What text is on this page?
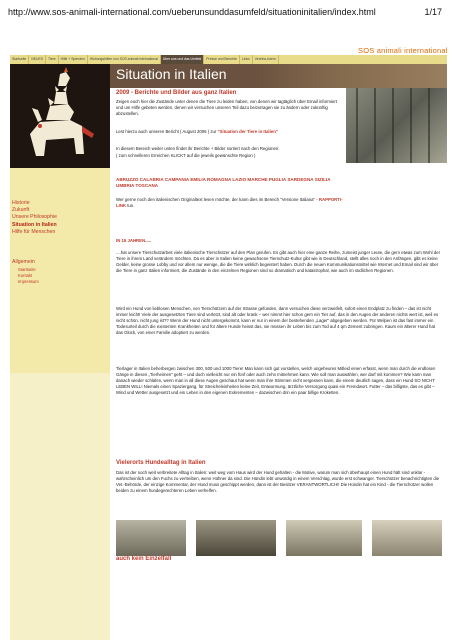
http://www.sos-animali-international.com/ueberunsunddasumfeld/situationinitalien/index.html	1/17
SOS animali international
Startseite NEUES Tiere Hilfe + Spenden Wohungshilfen von SOS animali international Über uns und das Umfeld Presse und Berichte Links Vereins-Intern
Historie
Zukunft
Unsere Philosophie
Situation in Italien
Hilfe für Menschen
Allgemein
Startseite
Kontakt
Impressum
Situation in Italien
2009 - Berichte und Bilder aus ganz Italien
Zeigen euch hier die Zustände unter denen die Tiere zu leiden haben, von denen wir tagtäglich über Email informiert und um Hilfe gebeten werden, denen wir versuchen unseren Teil dazu beizutragen sie zu ändern oder zukünftig abzustellen.
Lest hierzu auch unseren Bericht ( August 2006 ) zur "Situation der Tiere in Italien"
In diesem Bereich weiter unten findet ihr Berichte + Bilder sortiert nach den Regionen:
( zum schnelleren Erreichen KLICKT auf die jeweils gewünschte Region )
ABRUZZO CALABRIA CAMPANIA EMILIA ROMAGNA LAZIO MARCHE PUGLIA SARDEGNA SIZILIA UMBRIA TOSCANA
Wer gerne noch den italienischen Originaltext lesen möchte, der kann dies im Bereich "Versione Italiana" - RAPPORTI-LINK tun.
IN 15 JAHREN.....
....hat unsere Tierschutzarbeit viele italienische Tierschützer auf den Plan gerufen. Es gibt auch hier eine ganze Reihe, zumeist junger Leute, die gern etwas zum Wohl der Tiere in ihrem Land verändern möchten. Da es aber in Italien keine gewachsene Tierschutz-Kultur gibt wie in Deutschland, stellt alles noch in den Anfängen, gibt es keine Gelder, keine grosse Lobby und vor allem nur wenige, die die Tiere wirklich begeistert haben. Durch die neuen Kommunikationsmittel wie Internet und Email sind wir über die Tiere in ganz Italien informiert, die Zustände in den einzelnen Regionen sind so dramatisch und katastrophal, wie auch im südlichen Regionen.
Wird ein Hund von lieblosen Menschen, von Tierschützern auf der Strasse gefunden, dann versuchen diese verzweifelt, sofort einen Endplatz zu finden – das ist nicht immer leicht! Viele der ausgesetzten Tiere sind verletzt, sind alt oder krank – wer nimmt hier schon gern ein Tier auf, das in den Augen der anderen nichts wert ist, weil es nicht schön, nicht jung ist?? Wenn der Hund nicht untergekommt, kann er nur in einem der bestehenden „Lager" abgegeben werden. Für Welpen ist das fast immer ein Todesurteil durch die existenten Krankheiten und für ältere Hunde heisst das, sie müssen ihr Leben bis zum Tod auf 4 qm Zement zubringen. Kaum ein älterer Hund hat das Glück, von einer Familie adoptiert zu werden.
Tierlager in Italien beherbergen zwischen 300, 500 und 1000 Tiere! Man kann sich gut vorstellen, welch ungeheures Mitleid einen erfasst, wenn man durch die endlosen Gänge in diesen „Tierheimen" geht – und doch vielleicht nur ein fünf oder auch zehn mitnehmen kann. Wie soll man auswählen, wer darf mit kommen? Wie kann man danach wieder schlafen, wenn man in all diese Augen geschaut hat wenn man ihre Stimmen nicht vergessen kann, die einem deutlich sagen, dass ein Hund SO NICHT LEBEN WILL! Niemals einen Spaziergang, für Streicheleinheiten keine Zeit, Entwurmung, ärztliche Versorgung quasi ein Fremdwort. Futter – das billigste, das es gibt – Wind und Wetter ausgesetzt und ein Leben in den eigenen Exkrementen – dazwischen drin ein paar billige Kroketten.
Vielerorts Hundealltag in Italien
Das ist der noch weit verbreitete Alltag in Italien: weit weg vom Haus wird der Hund gehalten - die Motive, warum man sich überhaupt einen Hund hält sind unklar - wahrscheinlich um den Fuchs zu vertreiben, wenn Hühner da sind. Die Hündin lebt unwürdig in einem Verschlag, wurde erst schwanger. Tierschützer benachrichtigten die Vet.-Behörde, der einzige Kommentar, der Hund muss geschippt werden, dann ist der Besitzer VERANTWORTLICH!! Die Hündin hat ein Kind - die Tierschützer wollen beiden zu einem hundegerechteren Leben verhelfen.
auch kein Einzelfall
